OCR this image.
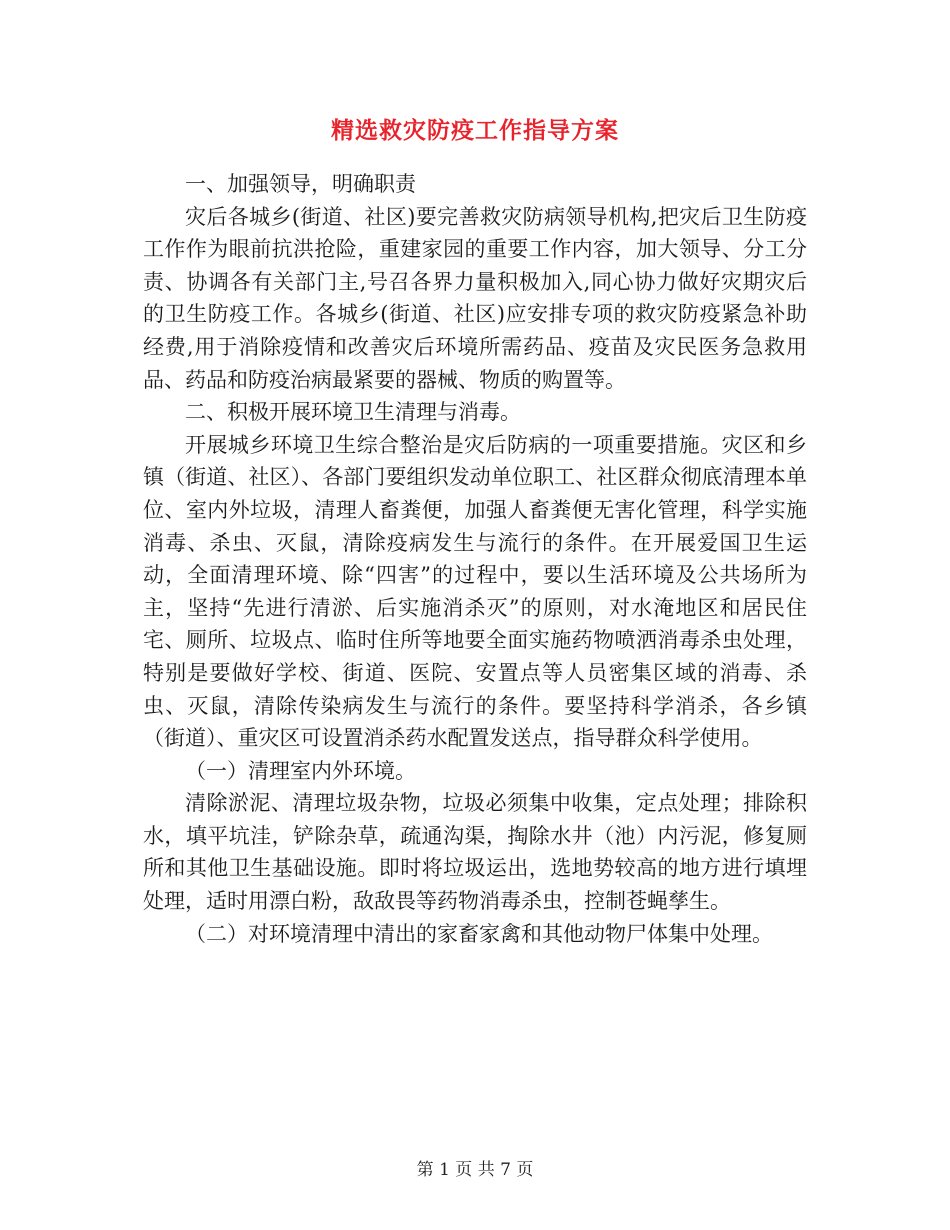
精选救灾防疫工作指导方案

一、加强领导，明确职责

灾后各城乡(街道、社区)要完善救灾防病领导机构,把灾后卫生防疫工作作为眼前抗洪抢险，重建家园的重要工作内容，加大领导、分工分责、协调各有关部门主,号召各界力量积极加入,同心协力做好灾期灾后的卫生防疫工作。各城乡(街道、社区)应安排专项的救灾防疫紧急补助经费,用于消除疫情和改善灾后环境所需药品、疫苗及灾民医务急救用品、药品和防疫治病最紧要的器械、物质的购置等。

二、积极开展环境卫生清理与消毒。

开展城乡环境卫生综合整治是灾后防病的一项重要措施。灾区和乡镇（街道、社区）、各部门要组织发动单位职工、社区群众彻底清理本单位、室内外垃圾，清理人畜粪便，加强人畜粪便无害化管理，科学实施消毒、杀虫、灭鼠，清除疫病发生与流行的条件。在开展爱国卫生运动，全面清理环境、除“四害”的过程中，要以生活环境及公共场所为主，坚持“先进行清淤、后实施消杀灭”的原则，对水淹地区和居民住宅、厕所、垃圾点、临时住所等地要全面实施药物喷洒消毒杀虫处理，特别是要做好学校、街道、医院、安置点等人员密集区域的消毒、杀虫、灭鼠，清除传染病发生与流行的条件。要坚持科学消杀，各乡镇（街道）、重灾区可设置消杀药水配置发送点，指导群众科学使用。

（一）清理室内外环境。

清除淤泥、清理垃圾杂物，垃圾必须集中收集，定点处理；排除积水，填平坑洼，铲除杂草，疏通沟渠，掏除水井（池）内污泥，修复厕所和其他卫生基础设施。即时将垃圾运出，选地势较高的地方进行填埋处理，适时用漂白粉，敌敌畏等药物消毒杀虫，控制苍蝇孳生。

（二）对环境清理中清出的家畜家禽和其他动物尸体集中处理。

第 1 页 共 7 页
